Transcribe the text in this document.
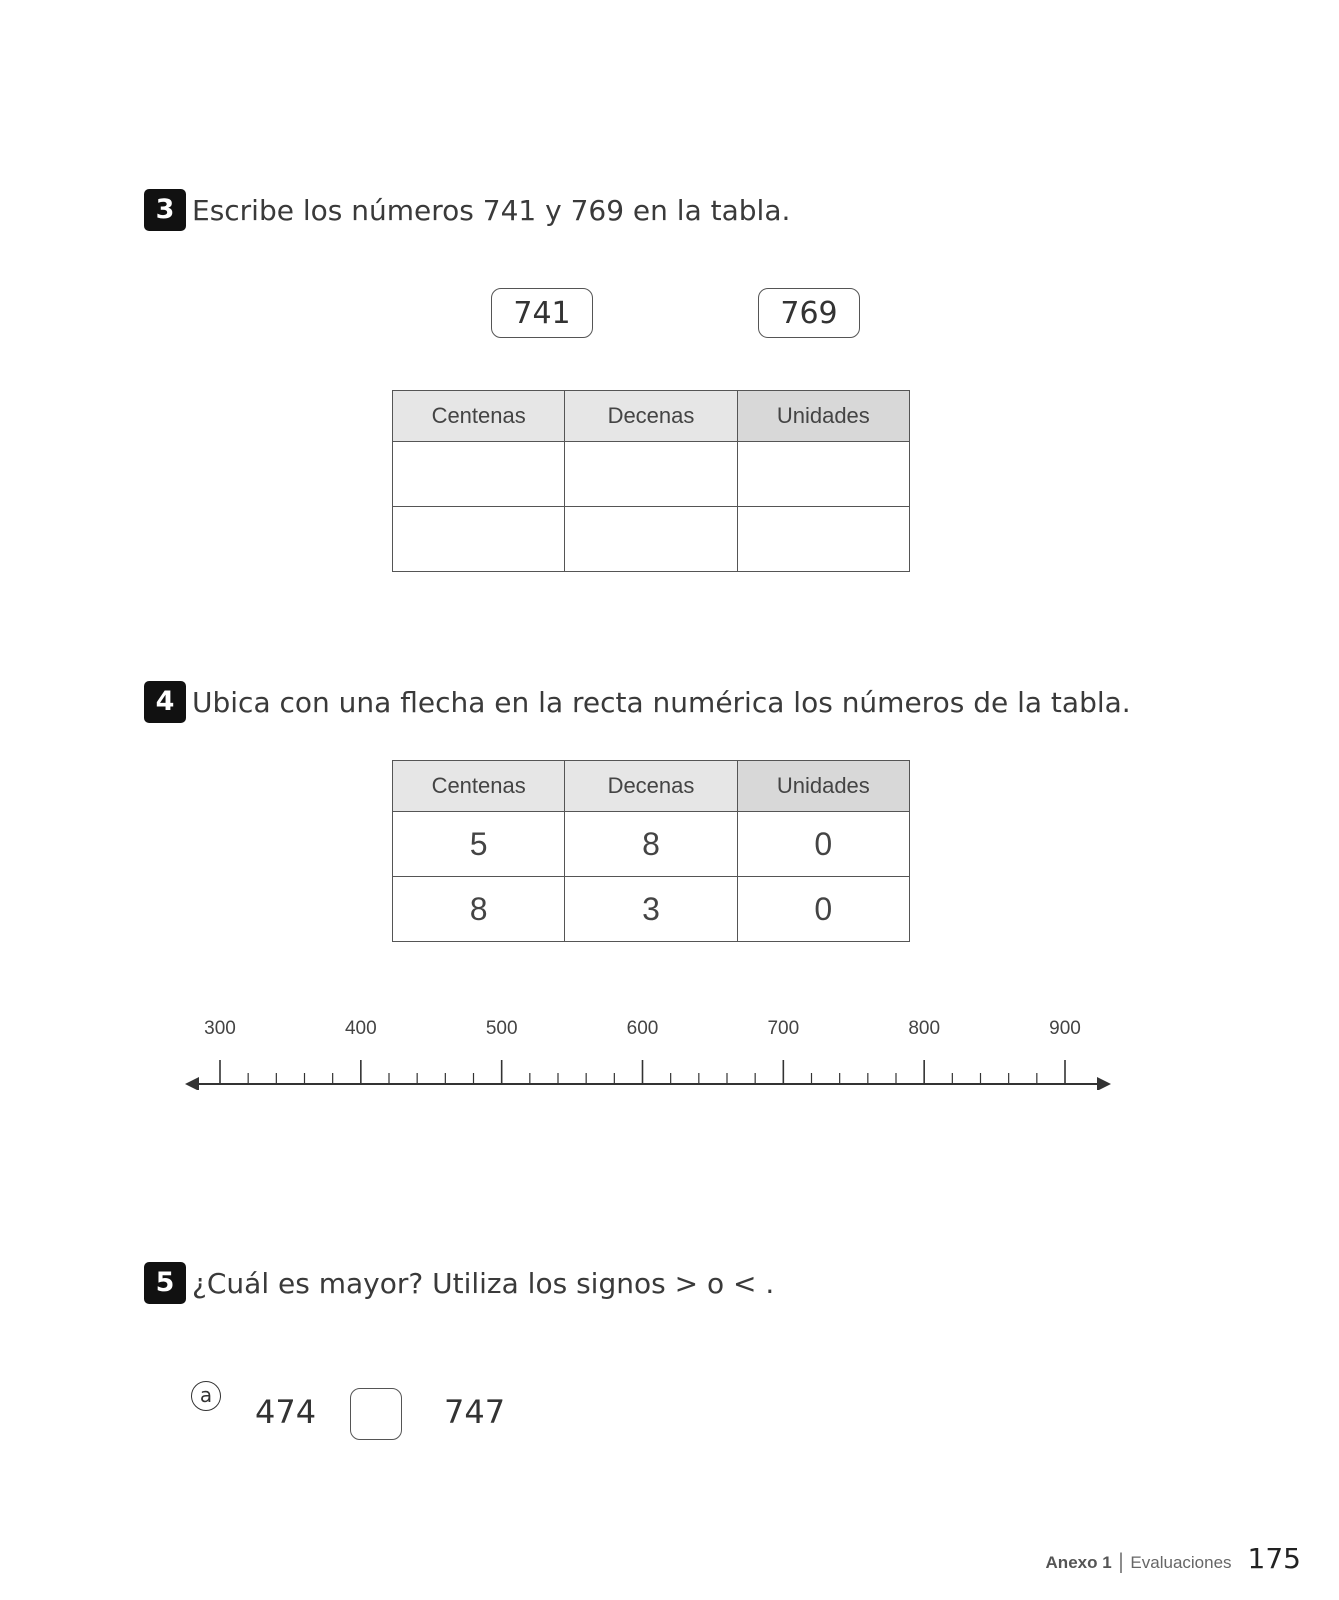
3 Escribe los números 741 y 769 en la tabla.
741	769
Centenas	Decenas	Unidades

4 Ubica con una flecha en la recta numérica los números de la tabla.
Centenas	Decenas	Unidades
5	8	0
8	3	0
300	400	500	600	700	800	900
5 ¿Cuál es mayor? Utiliza los signos > o < .
a 474	747
Anexo 1 | Evaluaciones 175
